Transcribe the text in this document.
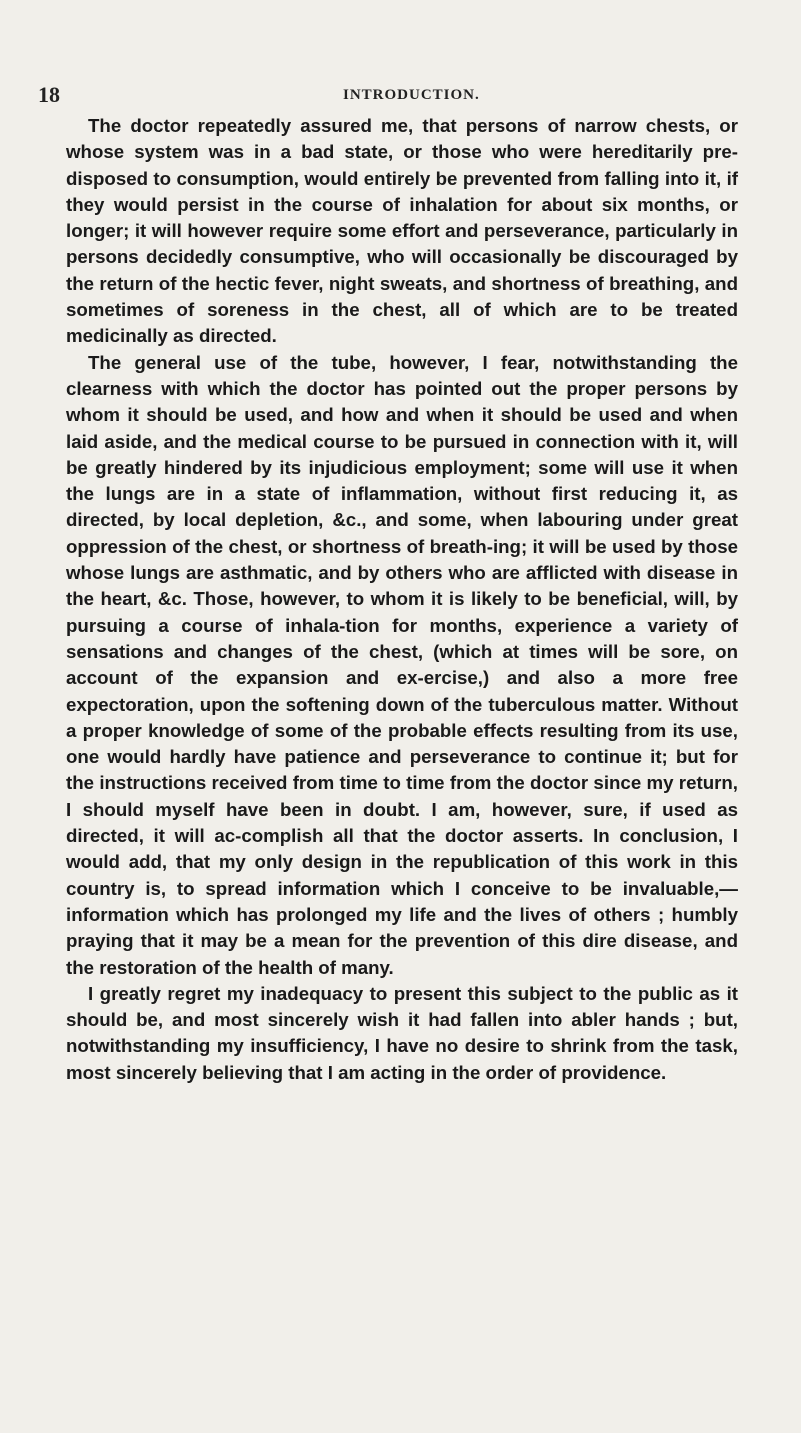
18	INTRODUCTION.

The doctor repeatedly assured me, that persons of narrow chests, or whose system was in a bad state, or those who were hereditarily pre-disposed to consumption, would entirely be prevented from falling into it, if they would persist in the course of inhalation for about six months, or longer; it will however require some effort and perseverance, particularly in persons decidedly consumptive, who will occasionally be discouraged by the return of the hectic fever, night sweats, and shortness of breathing, and sometimes of soreness in the chest, all of which are to be treated medicinally as directed.

The general use of the tube, however, I fear, notwithstanding the clearness with which the doctor has pointed out the proper persons by whom it should be used, and how and when it should be used and when laid aside, and the medical course to be pursued in connection with it, will be greatly hindered by its injudicious employment; some will use it when the lungs are in a state of inflammation, without first reducing it, as directed, by local depletion, &c., and some, when labouring under great oppression of the chest, or shortness of breath-ing; it will be used by those whose lungs are asthmatic, and by others who are afflicted with disease in the heart, &c. Those, however, to whom it is likely to be beneficial, will, by pursuing a course of inhala-tion for months, experience a variety of sensations and changes of the chest, (which at times will be sore, on account of the expansion and ex-ercise,) and also a more free expectoration, upon the softening down of the tuberculous matter. Without a proper knowledge of some of the probable effects resulting from its use, one would hardly have patience and perseverance to continue it; but for the instructions received from time to time from the doctor since my return, I should myself have been in doubt. I am, however, sure, if used as directed, it will ac-complish all that the doctor asserts. In conclusion, I would add, that my only design in the republication of this work in this country is, to spread information which I conceive to be invaluable,—information which has prolonged my life and the lives of others ; humbly praying that it may be a mean for the prevention of this dire disease, and the restoration of the health of many.

I greatly regret my inadequacy to present this subject to the public as it should be, and most sincerely wish it had fallen into abler hands ; but, notwithstanding my insufficiency, I have no desire to shrink from the task, most sincerely believing that I am acting in the order of providence.
